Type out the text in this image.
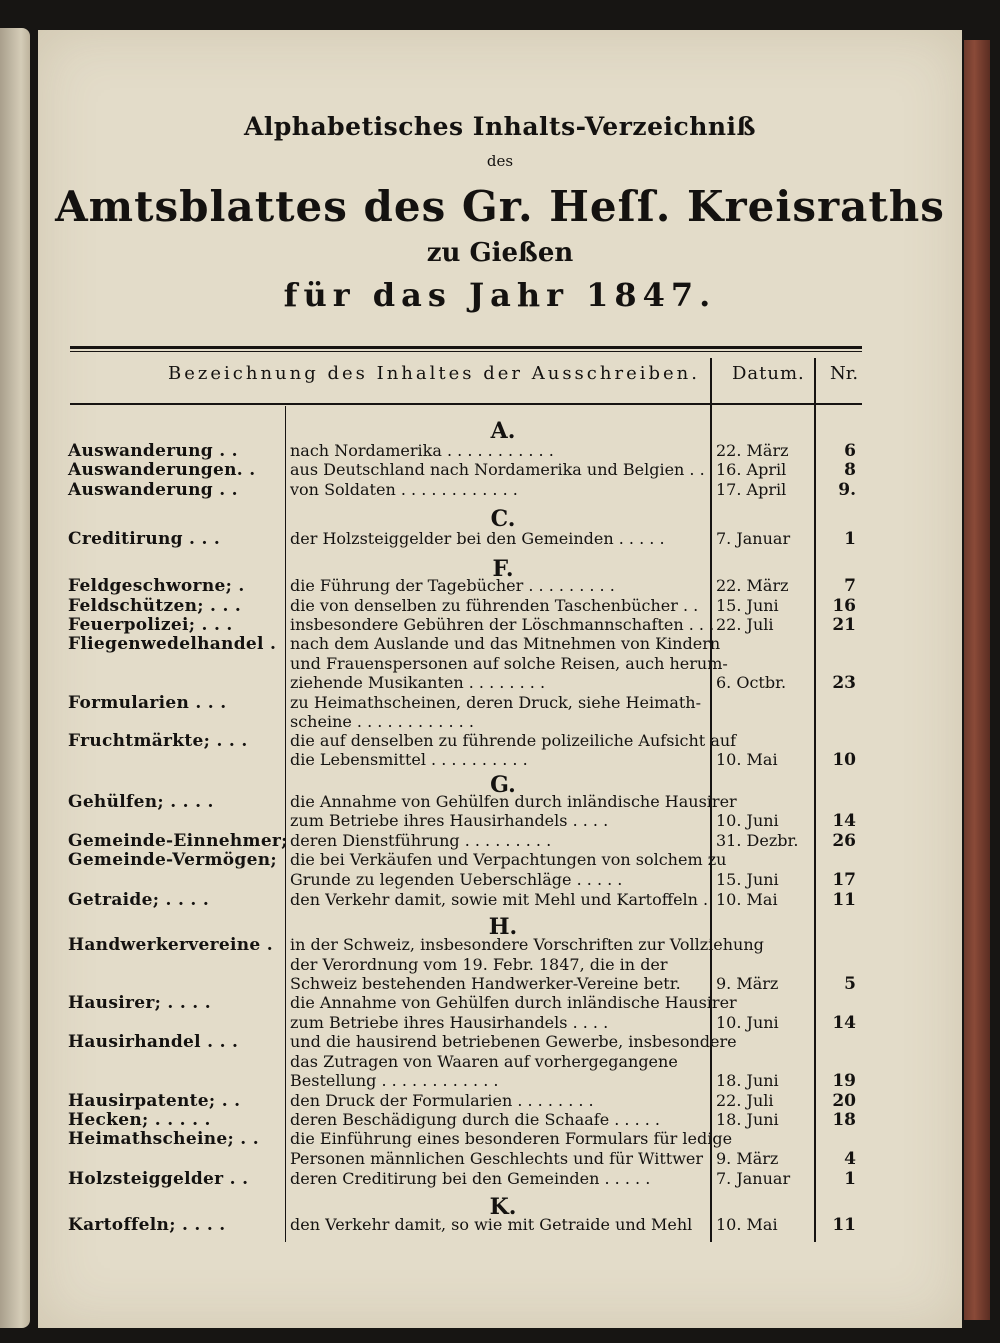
Alphabetisches Inhalts-Verzeichniß
des
Amtsblattes des Gr. Heſſ. Kreisraths
zu Gießen
für das Jahr 1847.
Bezeichnung des Inhaltes der Ausschreiben. Datum. Nr.
A.
C.
F.
G.
H.
K.
Auswanderung . .	nach Nordamerika . . . . . . . . . . .	22. März	6
Auswanderungen. . aus Deutschland nach Nordamerika und Belgien . . 16. April	8
Auswanderung . .	von Soldaten . . . . . . . . . . . .	17. April	9.
Creditirung . . .	der Holzsteiggelder bei den Gemeinden . . . . .	7. Januar	1
Feldgeschworne; .	die Führung der Tagebücher . . . . . . . . .	22. März	7
Feldschützen; . . .	die von denselben zu führenden Taschenbücher . .	15. Juni	16
Feuerpolizei; . . .	insbesondere Gebühren der Löschmannschaften . . . 22. Juli	21
Fliegenwedelhandel . nach dem Auslande und das Mitnehmen von Kindern
und Frauenspersonen auf solche Reisen, auch herum-
ziehende Musikanten . . . . . . . .	6. Octbr.	23
Formularien . . .	zu Heimathscheinen, deren Druck, siehe Heimath-
scheine . . . . . . . . . . . .
Fruchtmärkte; . . .	die auf denselben zu führende polizeiliche Aufsicht auf
die Lebensmittel . . . . . . . . . .	10. Mai	10
Gehülfen; . . . .	die Annahme von Gehülfen durch inländische Hausirer
zum Betriebe ihres Hausirhandels . . . .	10. Juni	14
Gemeinde-Einnehmer; deren Dienstführung . . . . . . . . .	31. Dezbr.	26
Gemeinde-Vermögen; die bei Verkäufen und Verpachtungen von solchem zu
Grunde zu legenden Ueberschläge . . . . .	15. Juni	17
Getraide; . . . .	den Verkehr damit, sowie mit Mehl und Kartoffeln . 10. Mai	11
Handwerkervereine . in der Schweiz, insbesondere Vorschriften zur Vollziehung
der Verordnung vom 19. Febr. 1847, die in der
Schweiz bestehenden Handwerker-Vereine betr.	9. März	5
Hausirer; . . . .	die Annahme von Gehülfen durch inländische Hausirer
zum Betriebe ihres Hausirhandels . . . .	10. Juni	14
Hausirhandel . . .	und die hausirend betriebenen Gewerbe, insbesondere
das Zutragen von Waaren auf vorhergegangene
Bestellung . . . . . . . . . . . .	18. Juni	19
Hausirpatente; . .	den Druck der Formularien . . . . . . . .	22. Juli	20
Hecken; . . . . .	deren Beschädigung durch die Schaafe . . . . .	18. Juni	18
Heimathscheine; . . die Einführung eines besonderen Formulars für ledige
Personen männlichen Geschlechts und für Wittwer 9. März	4
Holzsteiggelder . .	deren Creditirung bei den Gemeinden . . . . .	7. Januar	1
Kartoffeln; . . . .	den Verkehr damit, so wie mit Getraide und Mehl	10. Mai	11
